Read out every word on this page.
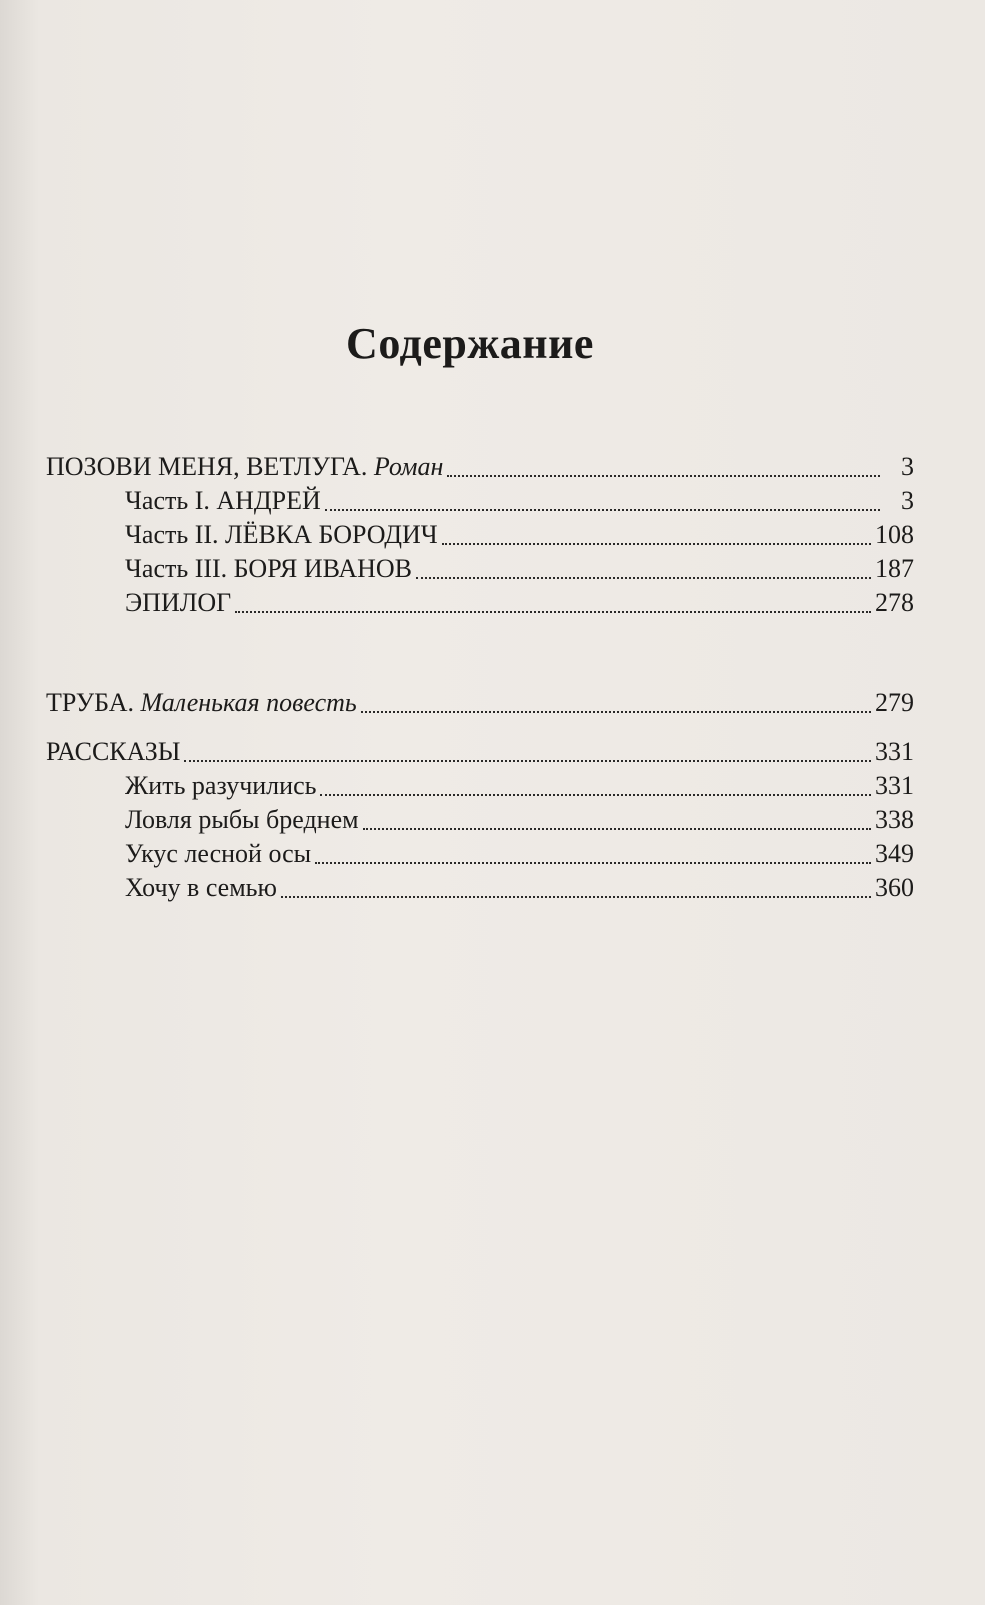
Содержание
ПОЗОВИ МЕНЯ, ВЕТЛУГА. Роман	3
Часть I. АНДРЕЙ	3
Часть II. ЛЁВКА БОРОДИЧ	108
Часть III. БОРЯ ИВАНОВ	187
ЭПИЛОГ	278
ТРУБА. Маленькая повесть	279
РАССКАЗЫ	331
Жить разучились	331
Ловля рыбы бреднем	338
Укус лесной осы	349
Хочу в семью	360
